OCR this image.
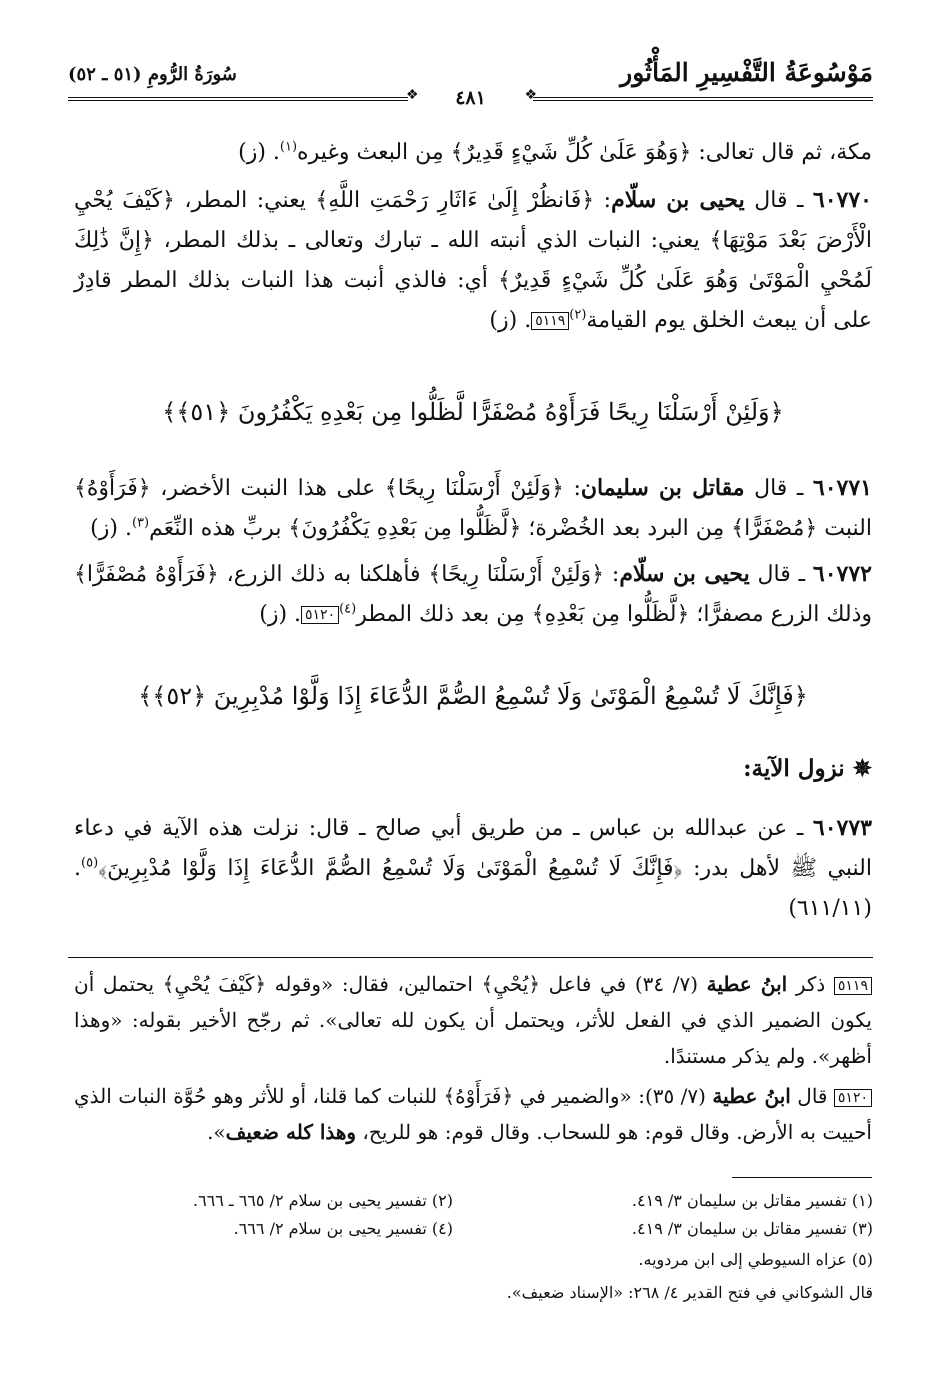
مَوْسُوعَةُ التَّفْسِيرِ المَأْثُور
سُورَةُ الرُّومِ (٥١ ـ ٥٢)
❖	❖
٤٨١
مكة، ثم قال تعالى: ﴿وَهُوَ عَلَىٰ كُلِّ شَيْءٍ قَدِيرٌ﴾ مِن البعث وغيره$^{(١)}$. (ز)
٦٠٧٧٠ ـ قال يحيى بن سلّام: ﴿فَانظُرْ إِلَىٰ ءَاثَارِ رَحْمَتِ اللَّهِ﴾ يعني: المطر، ﴿كَيْفَ يُحْيِ الْأَرْضَ بَعْدَ مَوْتِهَا﴾ يعني: النبات الذي أنبته الله ـ تبارك وتعالى ـ بذلك المطر، ﴿إِنَّ ذَٰلِكَ لَمُحْيِ الْمَوْتَىٰ وَهُوَ عَلَىٰ كُلِّ شَيْءٍ قَدِيرٌ﴾ أي: فالذي أنبت هذا النبات بذلك المطر قادِرٌ على أن يبعث الخلق يوم القيامة$^{(٢)}$٥١١٩. (ز)
﴿وَلَئِنْ أَرْسَلْنَا رِيحًا فَرَأَوْهُ مُصْفَرًّا لَّظَلُّوا مِن بَعْدِهِ يَكْفُرُونَ ﴿٥١﴾﴾
٦٠٧٧١ ـ قال مقاتل بن سليمان: ﴿وَلَئِنْ أَرْسَلْنَا رِيحًا﴾ على هذا النبت الأخضر، ﴿فَرَأَوْهُ﴾ النبت ﴿مُصْفَرًّا﴾ مِن البرد بعد الخُضْرة؛ ﴿لَّظَلُّوا مِن بَعْدِهِ يَكْفُرُونَ﴾ بربِّ هذه النِّعَم$^{(٣)}$. (ز)
٦٠٧٧٢ ـ قال يحيى بن سلّام: ﴿وَلَئِنْ أَرْسَلْنَا رِيحًا﴾ فأهلكنا به ذلك الزرع، ﴿فَرَأَوْهُ مُصْفَرًّا﴾ وذلك الزرع مصفرًّا؛ ﴿لَّظَلُّوا مِن بَعْدِهِ﴾ مِن بعد ذلك المطر$^{(٤)}$٥١٢٠. (ز)
﴿فَإِنَّكَ لَا تُسْمِعُ الْمَوْتَىٰ وَلَا تُسْمِعُ الصُّمَّ الدُّعَاءَ إِذَا وَلَّوْا مُدْبِرِينَ ﴿٥٢﴾﴾
✵ نزول الآية:
٦٠٧٧٣ ـ عن عبدالله بن عباس ـ من طريق أبي صالح ـ قال: نزلت هذه الآية في دعاء النبي ﷺ لأهل بدر: ﴿فَإِنَّكَ لَا تُسْمِعُ الْمَوْتَىٰ وَلَا تُسْمِعُ الصُّمَّ الدُّعَاءَ إِذَا وَلَّوْا مُدْبِرِينَ﴾$^{(٥)}$. (٦١١/١١)
٥١١٩ ذكر ابنُ عطية (٧/ ٣٤) في فاعل ﴿يُحْيِ﴾ احتمالين، فقال: «وقوله ﴿كَيْفَ يُحْيِ﴾ يحتمل أن يكون الضمير الذي في الفعل للأثر، ويحتمل أن يكون لله تعالى». ثم رجّح الأخير بقوله: «وهذا أظهر». ولم يذكر مستندًا.
٥١٢٠ قال ابنُ عطية (٧/ ٣٥): «والضمير في ﴿فَرَأَوْهُ﴾ للنبات كما قلنا، أو للأثر وهو حُوَّة النبات الذي أحييت به الأرض. وقال قوم: هو للسحاب. وقال قوم: هو للريح، وهذا كله ضعيف».
(١) تفسير مقاتل بن سليمان ٣/ ٤١٩.
(٢) تفسير يحيى بن سلام ٢/ ٦٦٥ ـ ٦٦٦.
(٣) تفسير مقاتل بن سليمان ٣/ ٤١٩.
(٤) تفسير يحيى بن سلام ٢/ ٦٦٦.
(٥) عزاه السيوطي إلى ابن مردويه.
قال الشوكاني في فتح القدير ٤/ ٢٦٨: «الإسناد ضعيف».
